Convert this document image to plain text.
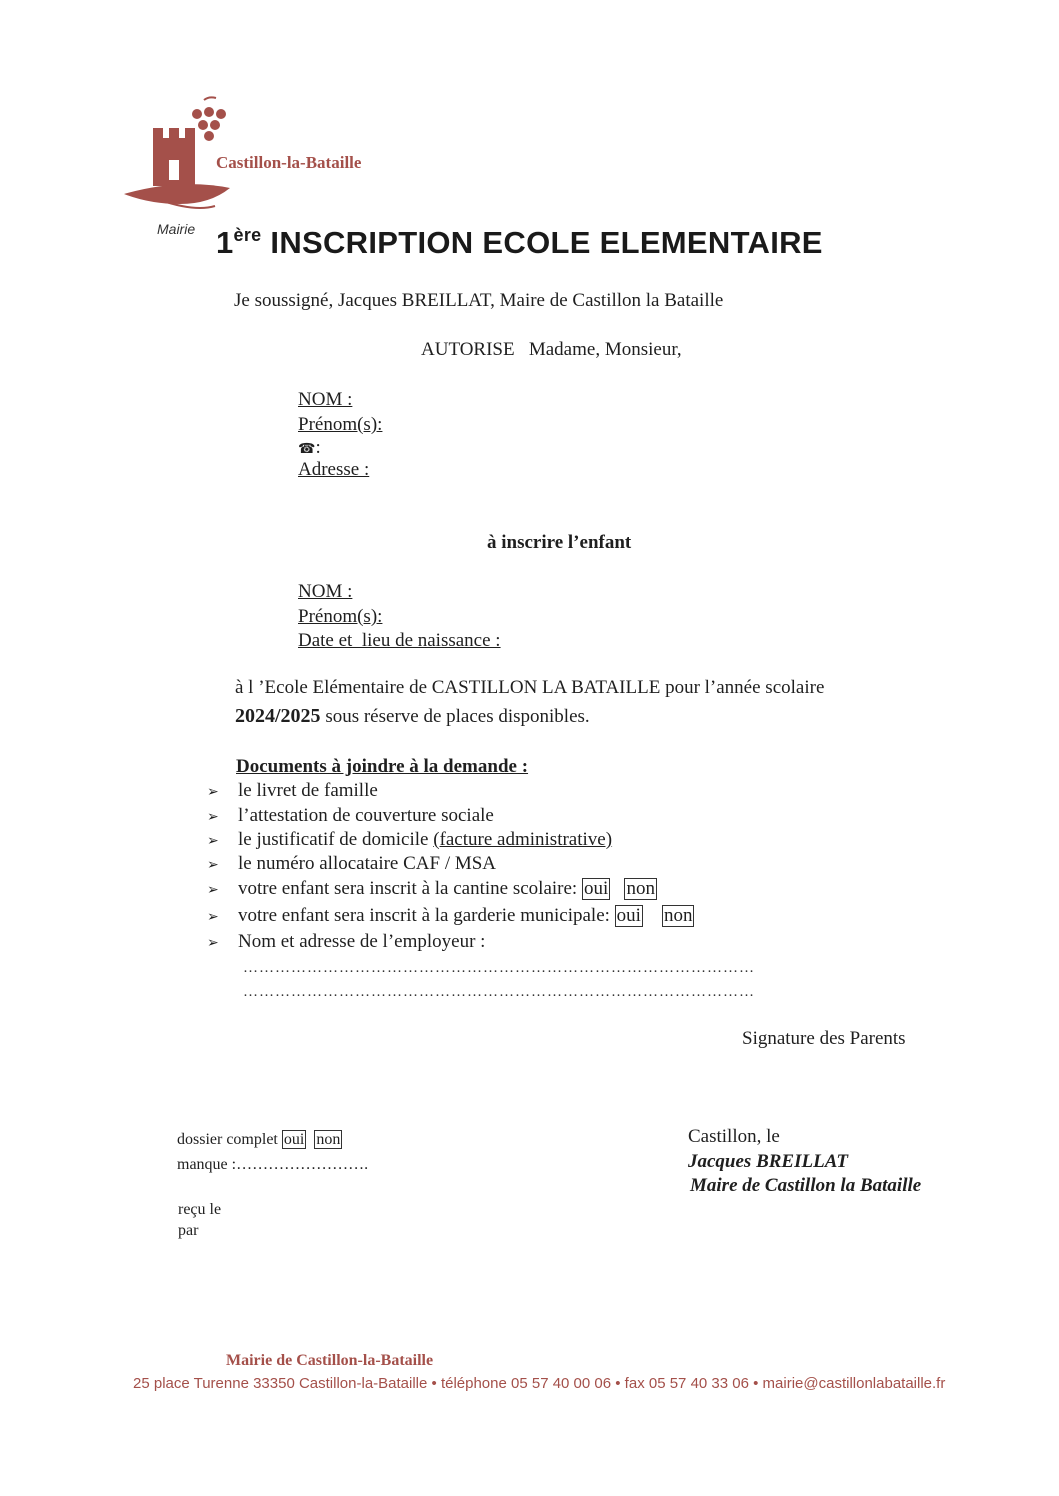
Castillon-la-Bataille
Mairie 1ère INSCRIPTION ECOLE ELEMENTAIRE
Je soussigné, Jacques BREILLAT, Maire de Castillon la Bataille
AUTORISE   Madame, Monsieur,
NOM :
Prénom(s):
☎:
Adresse :
à inscrire l’enfant
NOM :
Prénom(s):
Date et  lieu de naissance :
à l ’Ecole Elémentaire de CASTILLON LA BATAILLE pour l’année scolaire
2024/2025 sous réserve de places disponibles.
Documents à joindre à la demande :
➢ le livret de famille
➢ l’attestation de couverture sociale
➢ le justificatif de domicile (facture administrative)
➢ le numéro allocataire CAF / MSA
➢ votre enfant sera inscrit à la cantine scolaire: oui non
➢ votre enfant sera inscrit à la garderie municipale: oui non
➢ Nom et adresse de l’employeur :
……………………………………………………………………………………
……………………………………………………………………………………
Signature des Parents
dossier complet oui non
manque :…………………….
reçu le
par
Castillon, le
Jacques BREILLAT
Maire de Castillon la Bataille
Mairie de Castillon-la-Bataille
25 place Turenne 33350 Castillon-la-Bataille • téléphone 05 57 40 00 06 • fax 05 57 40 33 06 • mairie@castillonlabataille.fr
